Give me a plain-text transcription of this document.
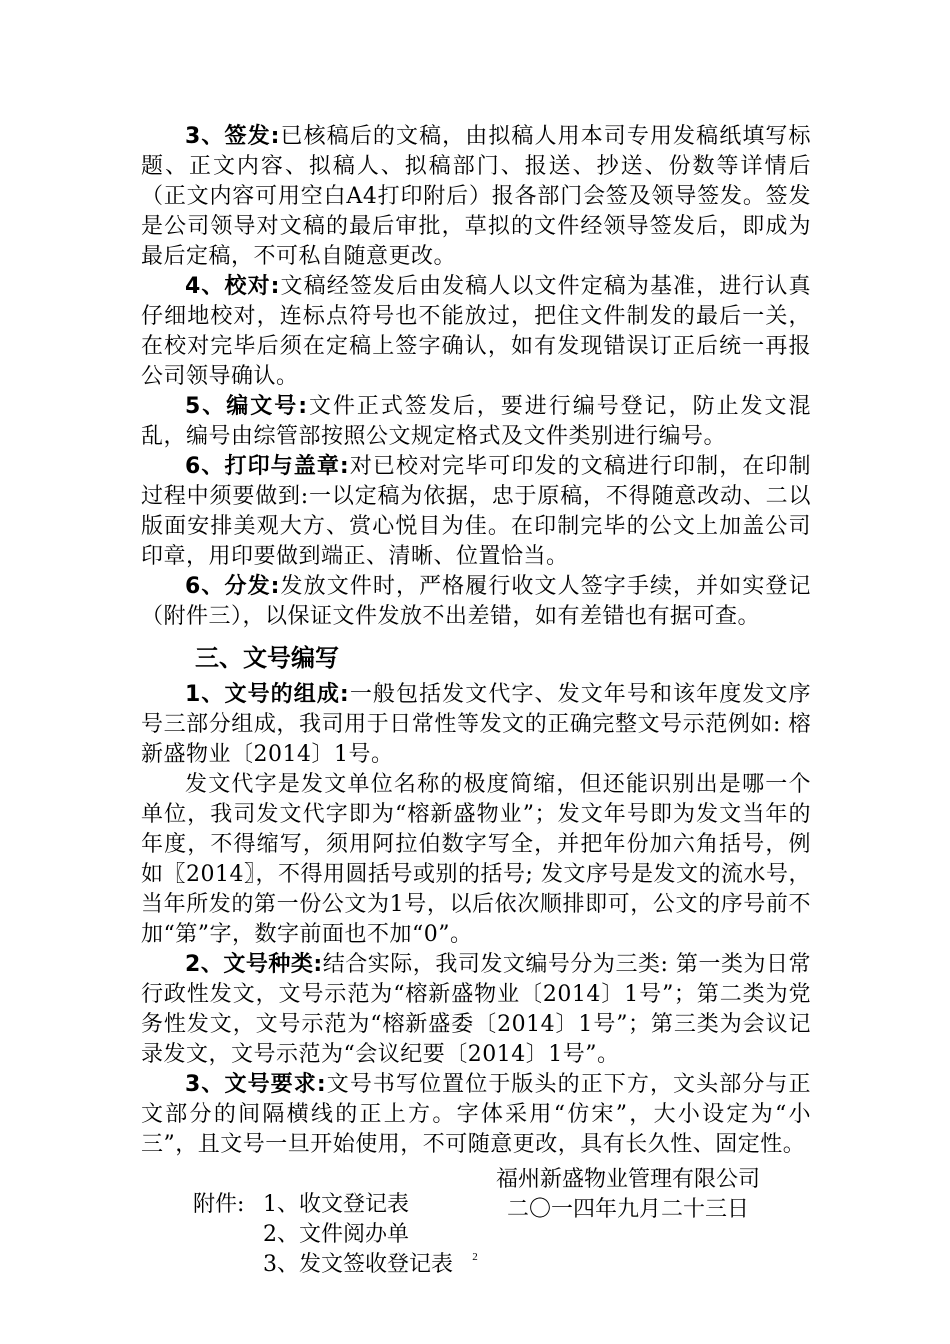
3、签发:已核稿后的文稿，由拟稿人用本司专用发稿纸填写标题、正文内容、拟稿人、拟稿部门、报送、抄送、份数等详情后（正文内容可用空白A4打印附后）报各部门会签及领导签发。签发是公司领导对文稿的最后审批，草拟的文件经领导签发后，即成为最后定稿，不可私自随意更改。

4、校对:文稿经签发后由发稿人以文件定稿为基准，进行认真仔细地校对，连标点符号也不能放过，把住文件制发的最后一关，在校对完毕后须在定稿上签字确认，如有发现错误订正后统一再报公司领导确认。

5、编文号:文件正式签发后，要进行编号登记，防止发文混乱，编号由综管部按照公文规定格式及文件类别进行编号。

6、打印与盖章:对已校对完毕可印发的文稿进行印制，在印制过程中须要做到:一以定稿为依据，忠于原稿，不得随意改动、二以版面安排美观大方、赏心悦目为佳。在印制完毕的公文上加盖公司印章，用印要做到端正、清晰、位置恰当。

6、分发:发放文件时，严格履行收文人签字手续，并如实登记（附件三），以保证文件发放不出差错，如有差错也有据可查。

三、文号编写

1、文号的组成:一般包括发文代字、发文年号和该年度发文序号三部分组成，我司用于日常性等发文的正确完整文号示范例如: 榕新盛物业〔2014〕1号。

发文代字是发文单位名称的极度简缩，但还能识别出是哪一个单位，我司发文代字即为“榕新盛物业”；发文年号即为发文当年的年度，不得缩写，须用阿拉伯数字写全，并把年份加六角括号，例如〖2014〗，不得用圆括号或别的括号; 发文序号是发文的流水号，当年所发的第一份公文为1号，以后依次顺排即可，公文的序号前不加“第”字，数字前面也不加“0”。

2、文号种类:结合实际，我司发文编号分为三类: 第一类为日常行政性发文，文号示范为“榕新盛物业〔2014〕1号”；第二类为党务性发文，文号示范为“榕新盛委〔2014〕1号”；第三类为会议记录发文，文号示范为“会议纪要〔2014〕1号”。

3、文号要求:文号书写位置位于版头的正下方，文头部分与正文部分的间隔横线的正上方。字体采用“仿宋”，大小设定为“小三”，且文号一旦开始使用，不可随意更改，具有长久性、固定性。

附件: 1、收文登记表
2、文件阅办单
3、发文签收登记表
福州新盛物业管理有限公司
二〇一四年九月二十三日
2
